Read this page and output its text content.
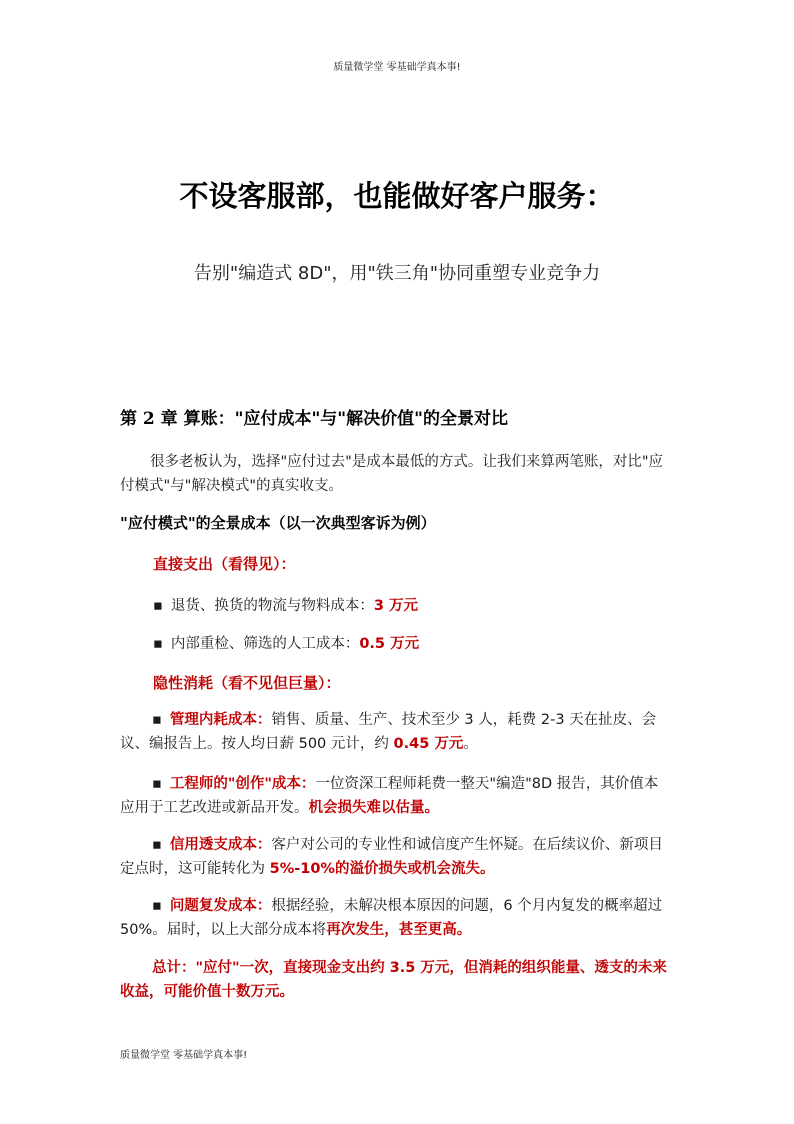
质量微学堂 零基础学真本事!
不设客服部，也能做好客户服务：
告别"编造式 8D"，用"铁三角"协同重塑专业竞争力
第 2 章 算账："应付成本"与"解决价值"的全景对比
很多老板认为，选择"应付过去"是成本最低的方式。让我们来算两笔账，对比"应付模式"与"解决模式"的真实收支。
"应付模式"的全景成本（以一次典型客诉为例）
直接支出（看得见）：
▪ 退货、换货的物流与物料成本：3 万元
▪ 内部重检、筛选的人工成本：0.5 万元
隐性消耗（看不见但巨量）：
▪ 管理内耗成本：销售、质量、生产、技术至少 3 人，耗费 2-3 天在扯皮、会议、编报告上。按人均日薪 500 元计，约 0.45 万元。
▪ 工程师的"创作"成本：一位资深工程师耗费一整天"编造"8D 报告，其价值本应用于工艺改进或新品开发。机会损失难以估量。
▪ 信用透支成本：客户对公司的专业性和诚信度产生怀疑。在后续议价、新项目定点时，这可能转化为 5%-10%的溢价损失或机会流失。
▪ 问题复发成本：根据经验，未解决根本原因的问题，6 个月内复发的概率超过 50%。届时，以上大部分成本将再次发生，甚至更高。
总计："应付"一次，直接现金支出约 3.5 万元，但消耗的组织能量、透支的未来收益，可能价值十数万元。
质量微学堂 零基础学真本事!
